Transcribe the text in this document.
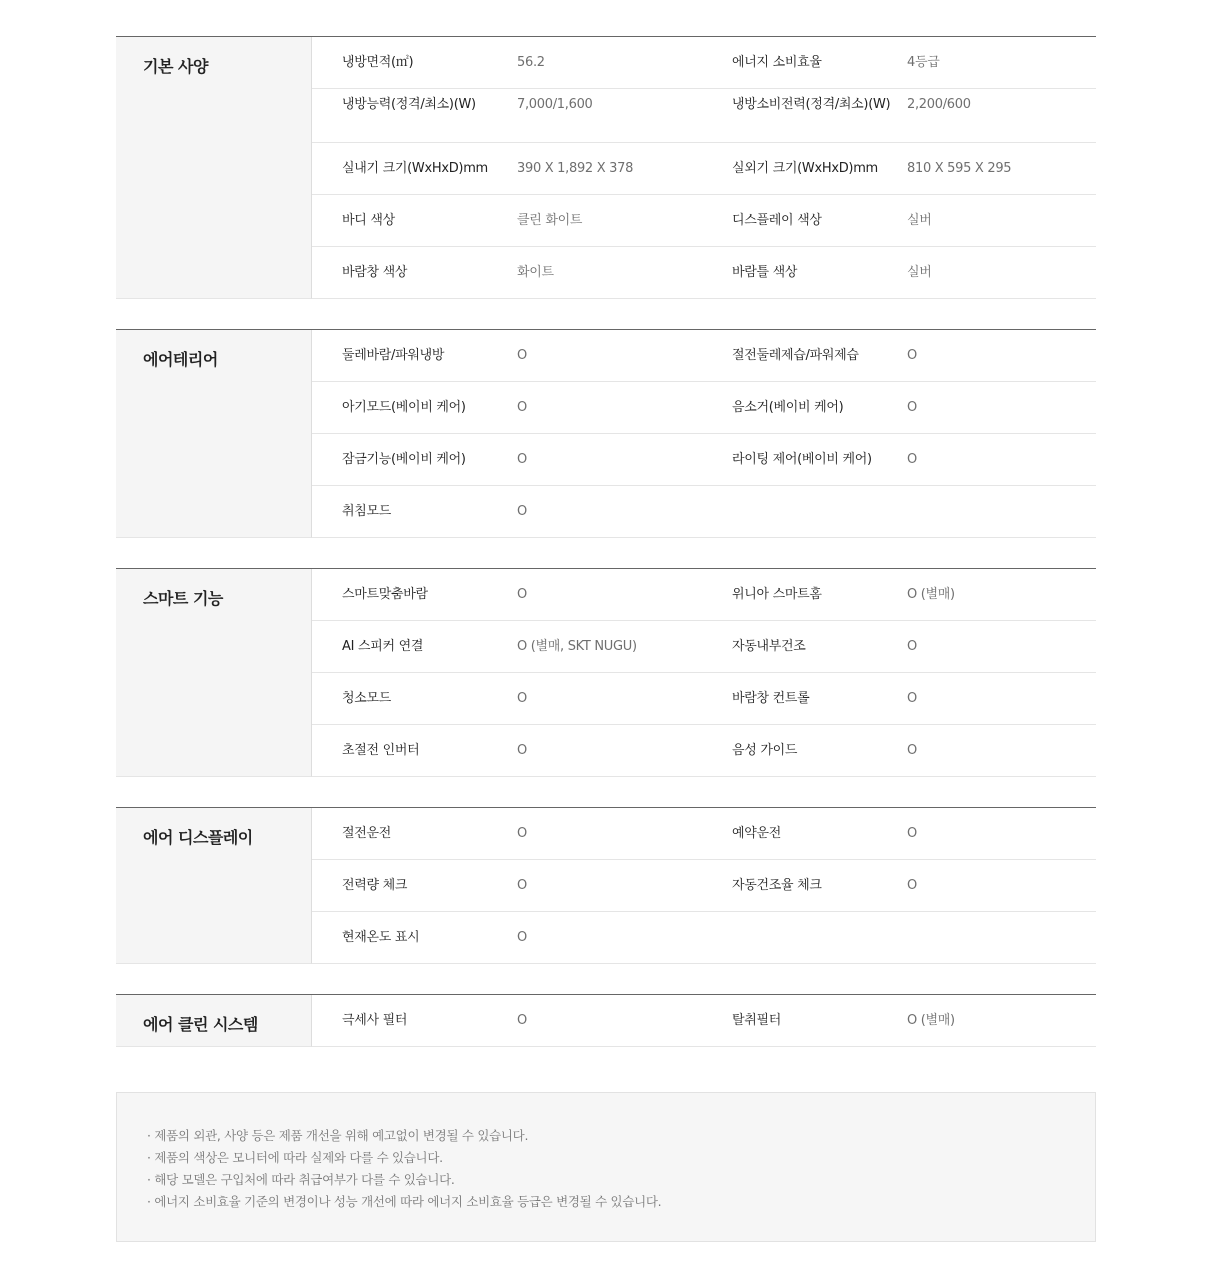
기본 사양	냉방면적(㎡)	56.2	에너지 소비효율	4등급
냉방능력(정격/최소)(W)	7,000/1,600	냉방소비전력(정격/최소)(W)	2,200/600
실내기 크기(WxHxD)mm	390 X 1,892 X 378	실외기 크기(WxHxD)mm	810 X 595 X 295
바디 색상	클린 화이트	디스플레이 색상	실버
바람창 색상	화이트	바람틀 색상	실버
에어테리어	둘레바람/파워냉방	O	절전둘레제습/파워제습	O
아기모드(베이비 케어)	O	음소거(베이비 케어)	O
잠금기능(베이비 케어)	O	라이팅 제어(베이비 케어)	O
취침모드	O
스마트 기능	스마트맞춤바람	O	위니아 스마트홈	O (별매)
AI 스피커 연결	O (별매, SKT NUGU)	자동내부건조	O
청소모드	O	바람창 컨트롤	O
초절전 인버터	O	음성 가이드	O
에어 디스플레이	절전운전	O	예약운전	O
전력량 체크	O	자동건조율 체크	O
현재온도 표시	O
에어 클린 시스템	극세사 필터	O	탈취필터	O (별매)
· 제품의 외관, 사양 등은 제품 개선을 위해 예고없이 변경될 수 있습니다.
· 제품의 색상은 모니터에 따라 실제와 다를 수 있습니다.
· 해당 모델은 구입처에 따라 취급여부가 다를 수 있습니다.
· 에너지 소비효율 기준의 변경이나 성능 개선에 따라 에너지 소비효율 등급은 변경될 수 있습니다.
